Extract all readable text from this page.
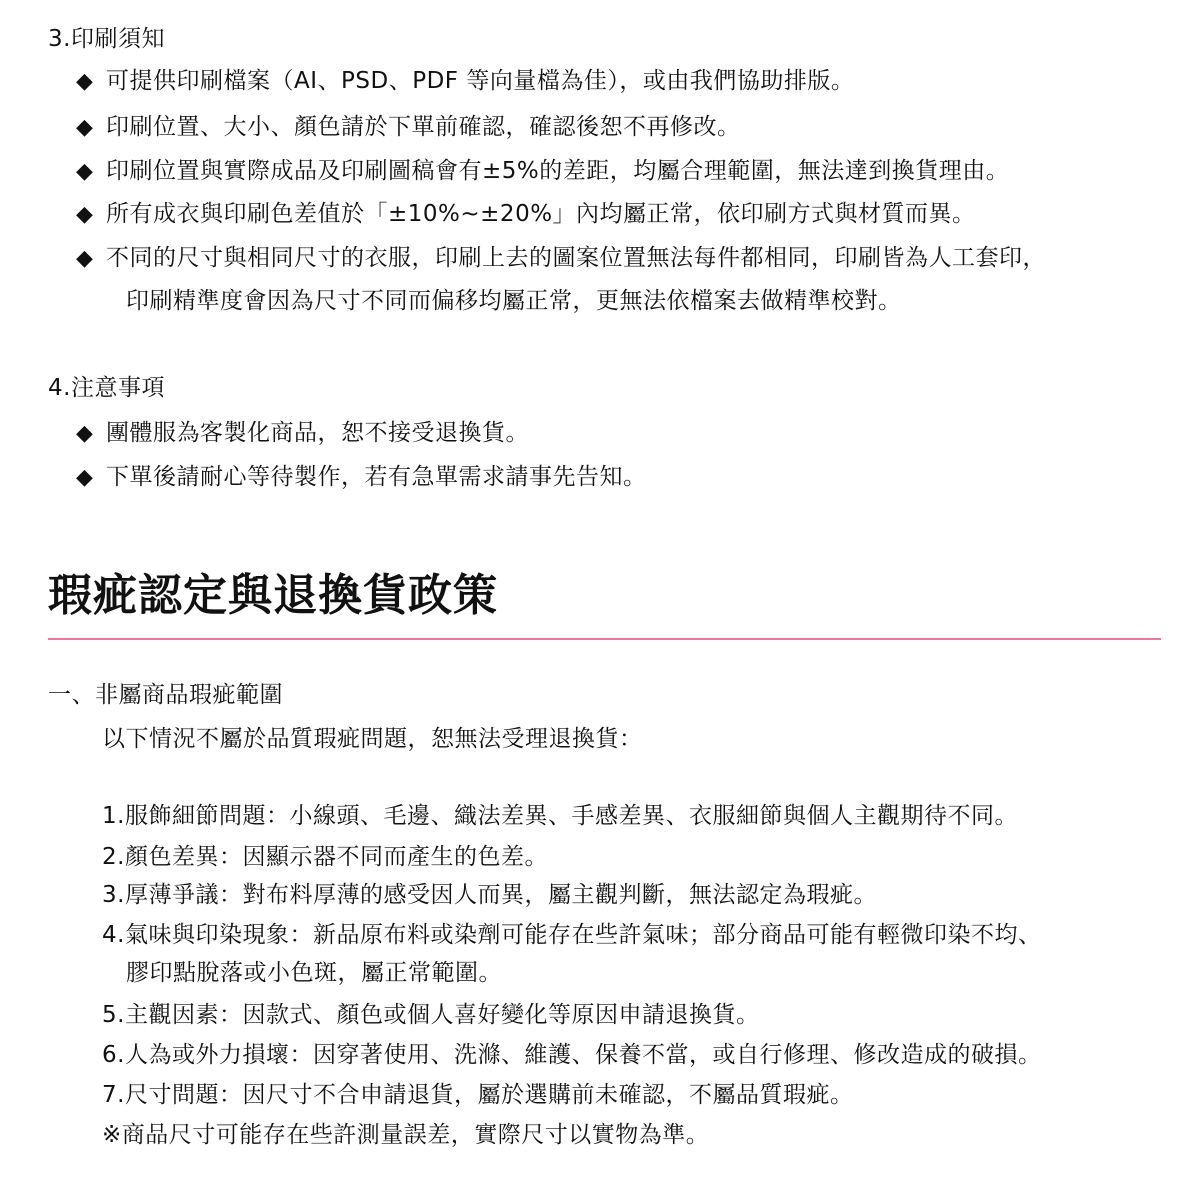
3.印刷須知
◆ 可提供印刷檔案（AI、PSD、PDF 等向量檔為佳），或由我們協助排版。
◆ 印刷位置、大小、顏色請於下單前確認，確認後恕不再修改。
◆ 印刷位置與實際成品及印刷圖稿會有±5%的差距，均屬合理範圍，無法達到換貨理由。
◆ 所有成衣與印刷色差值於「±10%~±20%」內均屬正常，依印刷方式與材質而異。
◆ 不同的尺寸與相同尺寸的衣服，印刷上去的圖案位置無法每件都相同，印刷皆為人工套印，
印刷精準度會因為尺寸不同而偏移均屬正常，更無法依檔案去做精準校對。
4.注意事項
◆ 團體服為客製化商品，恕不接受退換貨。
◆ 下單後請耐心等待製作，若有急單需求請事先告知。
瑕疵認定與退換貨政策
一、非屬商品瑕疵範圍
以下情況不屬於品質瑕疵問題，恕無法受理退換貨：
1.服飾細節問題：小線頭、毛邊、織法差異、手感差異、衣服細節與個人主觀期待不同。
2.顏色差異：因顯示器不同而產生的色差。
3.厚薄爭議：對布料厚薄的感受因人而異，屬主觀判斷，無法認定為瑕疵。
4.氣味與印染現象：新品原布料或染劑可能存在些許氣味；部分商品可能有輕微印染不均、
膠印點脫落或小色斑，屬正常範圍。
5.主觀因素：因款式、顏色或個人喜好變化等原因申請退換貨。
6.人為或外力損壞：因穿著使用、洗滌、維護、保養不當，或自行修理、修改造成的破損。
7.尺寸問題：因尺寸不合申請退貨，屬於選購前未確認，不屬品質瑕疵。
※商品尺寸可能存在些許測量誤差，實際尺寸以實物為準。
